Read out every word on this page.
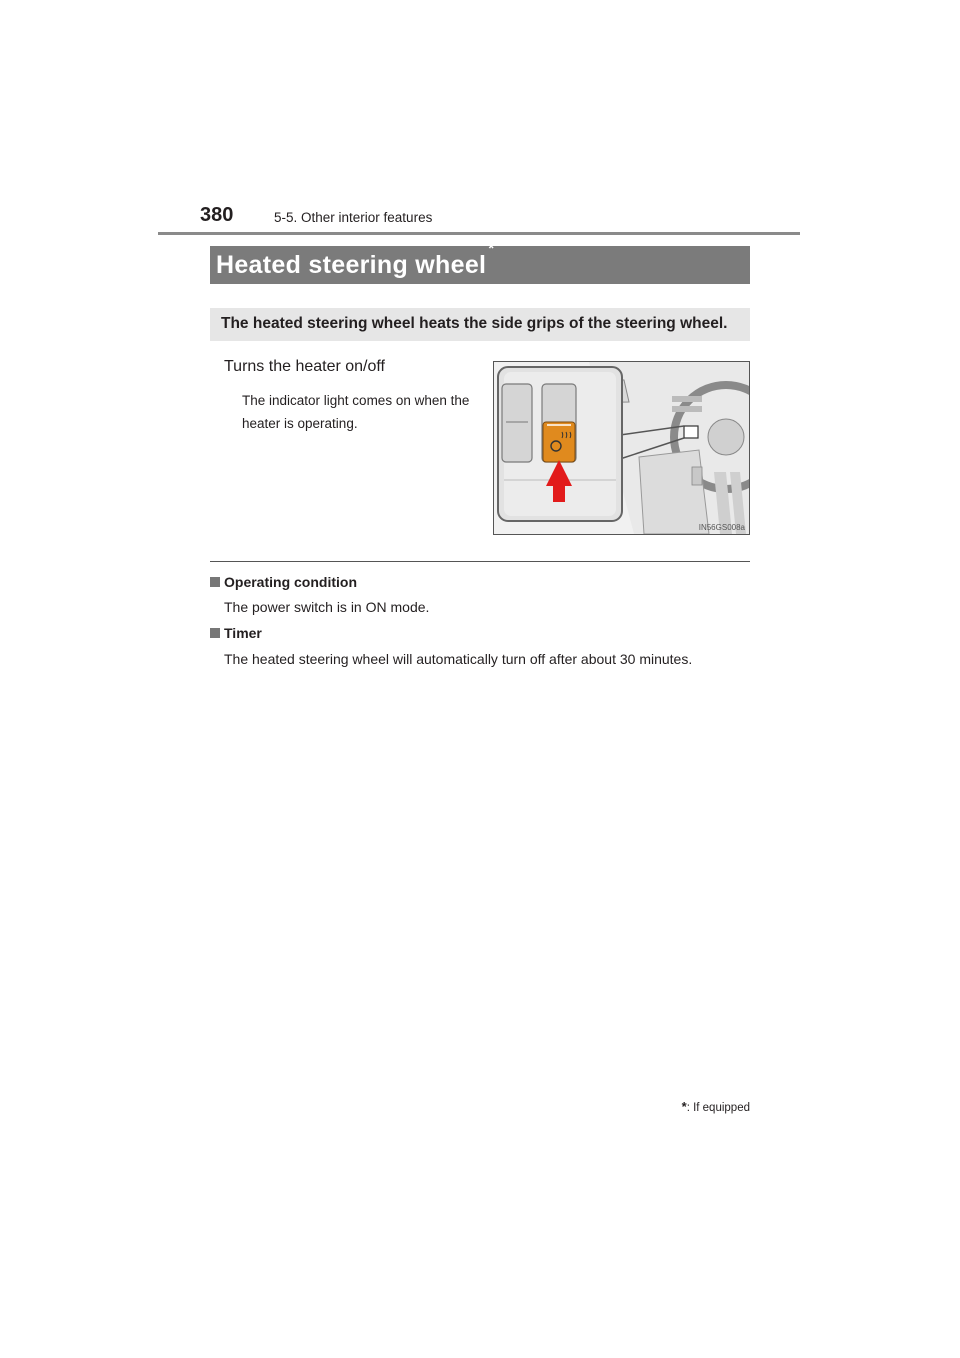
380	5-5. Other interior features
Heated steering wheel*
The heated steering wheel heats the side grips of the steering wheel.
Turns the heater on/off
The indicator light comes on when the heater is operating.
IN56GS008a
Operating condition
The power switch is in ON mode.
Timer
The heated steering wheel will automatically turn off after about 30 minutes.
*: If equipped
